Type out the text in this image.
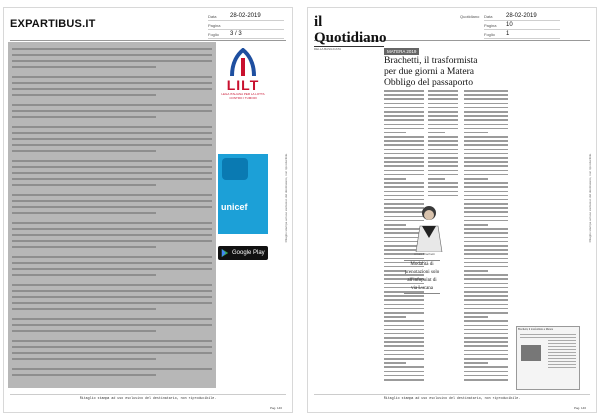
EXPARTIBUS.IT
Data	28-02-2019
Pagina
Foglio	3 / 3
LILT
LEGA ITALIANA PER LA LOTTA CONTRO I TUMORI
unicef
Google Play
Ritaglio stampa ad uso esclusivo del destinatario, non riproducibile.
Ritaglio stampa ad uso esclusivo del destinatario, non riproducibile.
Pag. 146
il Quotidiano
DELLA BASILICATA
Quotidiano Data	28-02-2019
Pagina	10
Foglio	1
MATERA 2019
Brachetti, il trasformista per due giorni a Matera Obbligo del passaporto
Arturo Brachetti
Modalità di prenotazioni solo all'infopoint di via Lucana
Brachetti, il trasformista a Matera
Ritaglio stampa ad uso esclusivo del destinatario, non riproducibile.
Ritaglio stampa ad uso esclusivo del destinatario, non riproducibile.
Pag. 146
